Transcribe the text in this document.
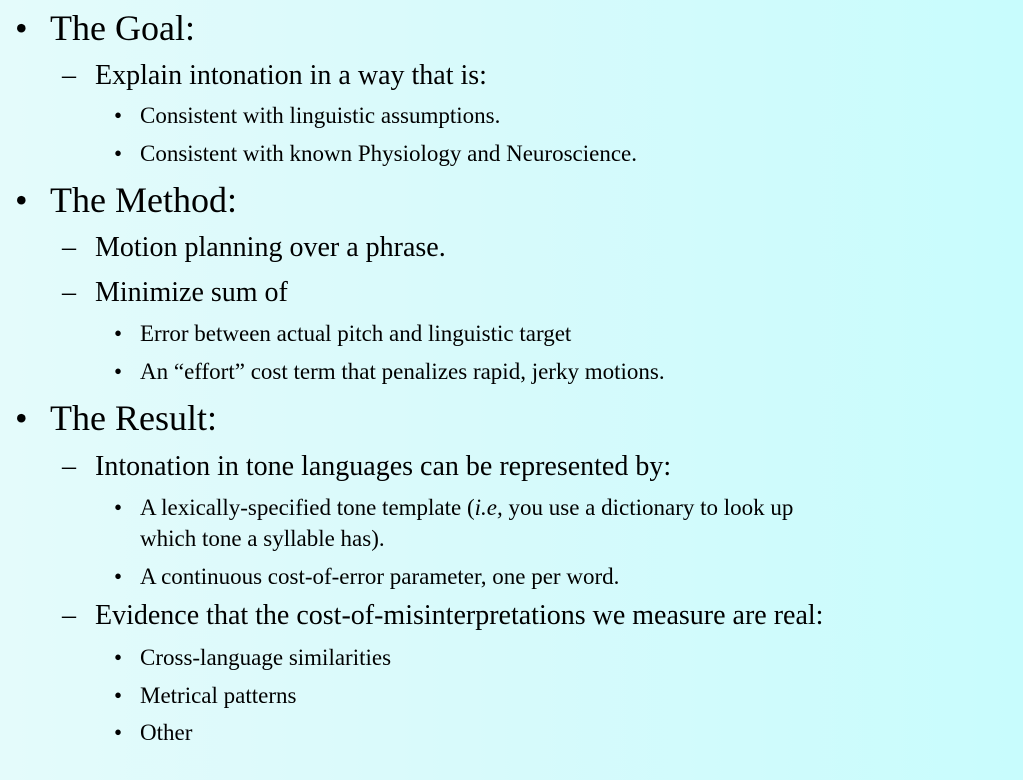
• The Goal:
– Explain intonation in a way that is:
• Consistent with linguistic assumptions.
• Consistent with known Physiology and Neuroscience.
• The Method:
– Motion planning over a phrase.
– Minimize sum of
• Error between actual pitch and linguistic target
• An “effort” cost term that penalizes rapid, jerky motions.
• The Result:
– Intonation in tone languages can be represented by:
• A lexically-specified tone template (i.e, you use a dictionary to look up
which tone a syllable has).
• A continuous cost-of-error parameter, one per word.
– Evidence that the cost-of-misinterpretations we measure are real:
• Cross-language similarities
• Metrical patterns
• Other
